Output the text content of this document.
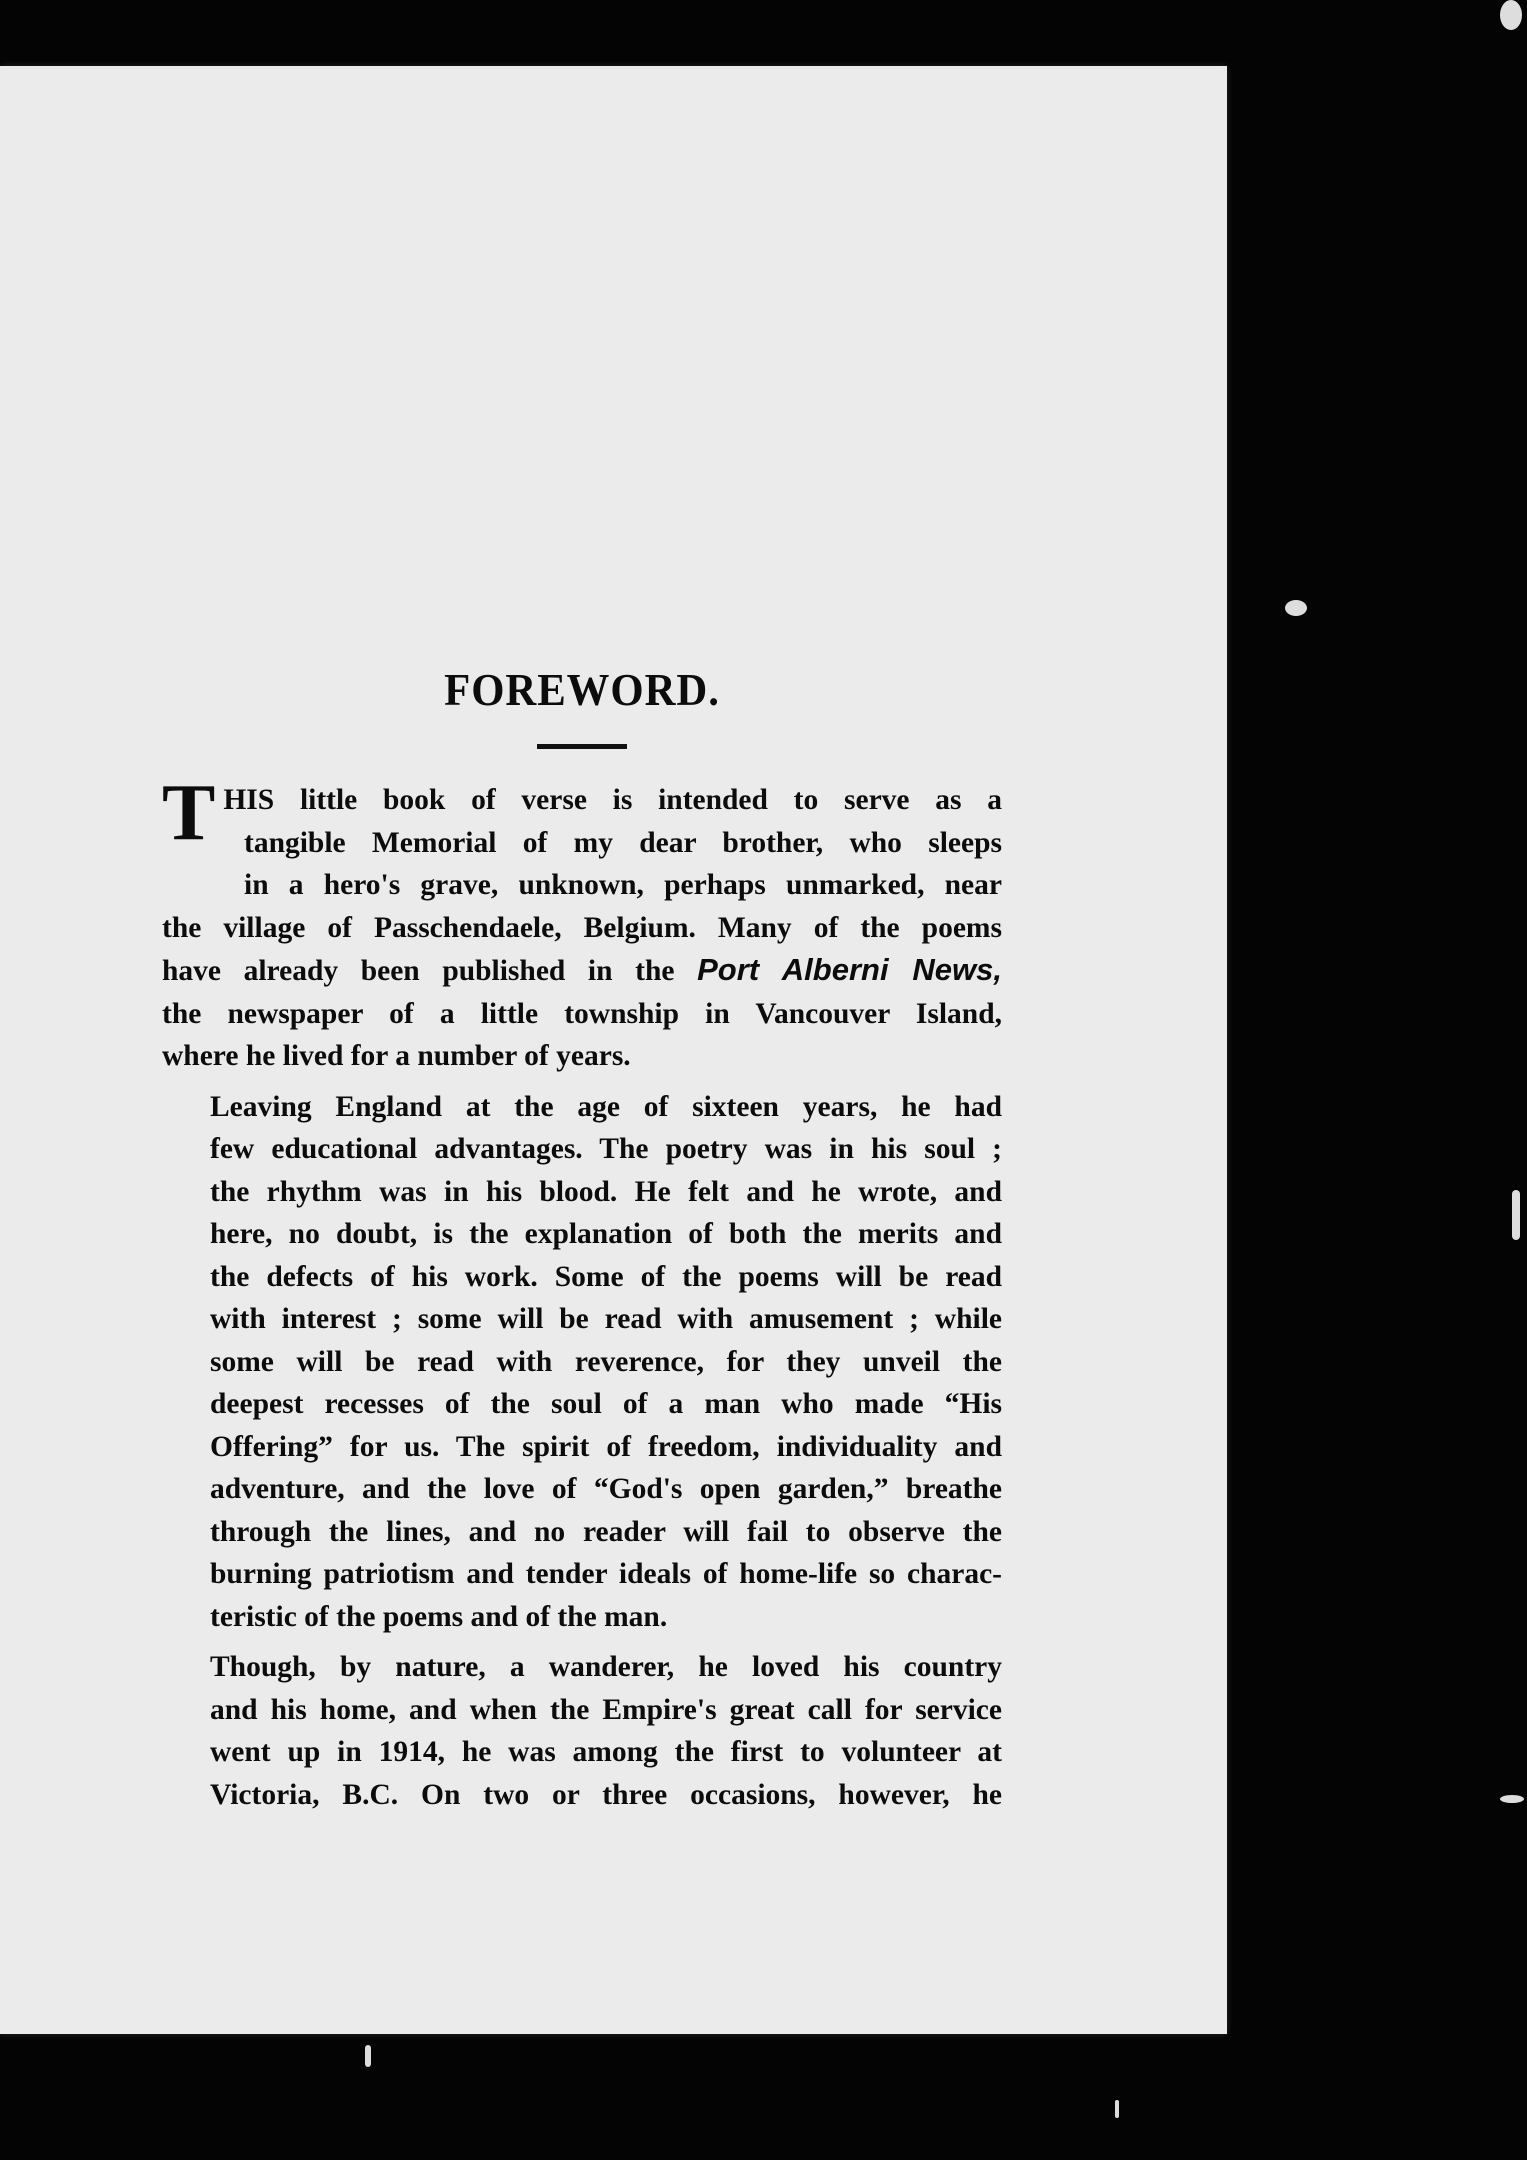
FOREWORD.
T HIS little book of verse is intended to serve as a
tangible Memorial of my dear brother, who sleeps
in a hero's grave, unknown, perhaps unmarked, near
the village of Passchendaele, Belgium. Many of the poems
have already been published in the Port Alberni News,
the newspaper of a little township in Vancouver Island,
where he lived for a number of years.
Leaving England at the age of sixteen years, he had
few educational advantages. The poetry was in his soul ;
the rhythm was in his blood. He felt and he wrote, and
here, no doubt, is the explanation of both the merits and
the defects of his work. Some of the poems will be read
with interest ; some will be read with amusement ; while
some will be read with reverence, for they unveil the
deepest recesses of the soul of a man who made “His
Offering” for us. The spirit of freedom, individuality and
adventure, and the love of “God's open garden,” breathe
through the lines, and no reader will fail to observe the
burning patriotism and tender ideals of home-life so charac-
teristic of the poems and of the man.
Though, by nature, a wanderer, he loved his country
and his home, and when the Empire's great call for service
went up in 1914, he was among the first to volunteer at
Victoria, B.C. On two or three occasions, however, he
